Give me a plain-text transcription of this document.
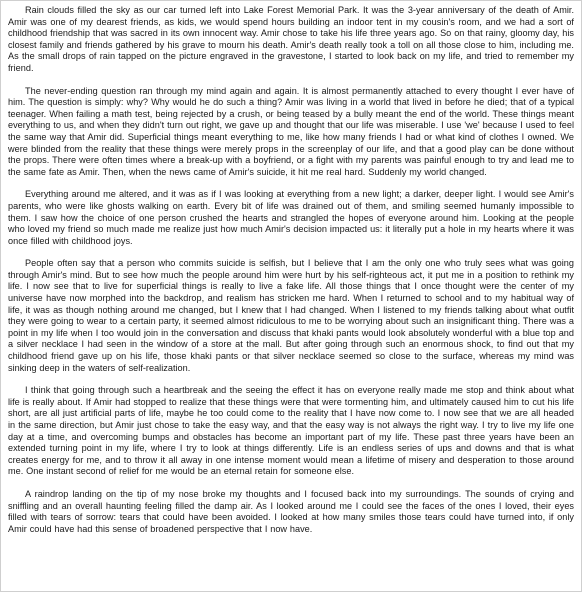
Rain clouds filled the sky as our car turned left into Lake Forest Memorial Park. It was the 3-year anniversary of the death of Amir. Amir was one of my dearest friends, as kids, we would spend hours building an indoor tent in my cousin's room, and we had a sort of childhood friendship that was sacred in its own innocent way. Amir chose to take his life three years ago. So on that rainy, gloomy day, his closest family and friends gathered by his grave to mourn his death. Amir's death really took a toll on all those close to him, including me. As the small drops of rain tapped on the picture engraved in the gravestone, I started to look back on my life, and tried to remember my friend.

The never-ending question ran through my mind again and again. It is almost permanently attached to every thought I ever have of him. The question is simply: why? Why would he do such a thing? Amir was living in a world that lived in before he died; that of a typical teenager. When failing a math test, being rejected by a crush, or being teased by a bully meant the end of the world. These things meant everything to us, and when they didn't turn out right, we gave up and thought that our life was miserable. I use 'we' because I used to feel the same way that Amir did. Superficial things meant everything to me, like how many friends I had or what kind of clothes I owned. We were blinded from the reality that these things were merely props in the screenplay of our life, and that a good play can be done without the props. There were often times where a break-up with a boyfriend, or a fight with my parents was painful enough to try and lead me to the same fate as Amir. Then, when the news came of Amir's suicide, it hit me real hard. Suddenly my world changed.

Everything around me altered, and it was as if I was looking at everything from a new light; a darker, deeper light. I would see Amir's parents, who were like ghosts walking on earth. Every bit of life was drained out of them, and smiling seemed humanly impossible to them. I saw how the choice of one person crushed the hearts and strangled the hopes of everyone around him. Looking at the people who loved my friend so much made me realize just how much Amir's decision impacted us: it literally put a hole in my hearts where it was once filled with childhood joys.

People often say that a person who commits suicide is selfish, but I believe that I am the only one who truly sees what was going through Amir's mind. But to see how much the people around him were hurt by his self-righteous act, it put me in a position to rethink my life. I now see that to live for superficial things is really to live a fake life. All those things that I once thought were the center of my universe have now morphed into the backdrop, and realism has stricken me hard. When I returned to school and to my habitual way of life, it was as though nothing around me changed, but I knew that I had changed. When I listened to my friends talking about what outfit they were going to wear to a certain party, it seemed almost ridiculous to me to be worrying about such an insignificant thing. There was a point in my life when I too would join in the conversation and discuss that khaki pants would look absolutely wonderful with a blue top and a silver necklace I had seen in the window of a store at the mall. But after going through such an enormous shock, to find out that my childhood friend gave up on his life, those khaki pants or that silver necklace seemed so close to the surface, whereas my mind was sinking deep in the waters of self-realization.

I think that going through such a heartbreak and the seeing the effect it has on everyone really made me stop and think about what life is really about. If Amir had stopped to realize that these things were that were tormenting him, and ultimately caused him to cut his life short, are all just artificial parts of life, maybe he too could come to the reality that I have now come to. I now see that we are all headed in the same direction, but Amir just chose to take the easy way, and that the easy way is not always the right way. I try to live my life one day at a time, and overcoming bumps and obstacles has become an important part of my life. These past three years have been an extended turning point in my life, where I try to look at things differently. Life is an endless series of ups and downs and that is what creates energy for me, and to throw it all away in one intense moment would mean a lifetime of misery and desperation to those around me. One instant second of relief for me would be an eternal retain for someone else.

A raindrop landing on the tip of my nose broke my thoughts and I focused back into my surroundings. The sounds of crying and sniffling and an overall haunting feeling filled the damp air. As I looked around me I could see the faces of the ones I loved, their eyes filled with tears of sorrow: tears that could have been avoided. I looked at how many smiles those tears could have turned into, if only Amir could have had this sense of broadened perspective that I now have.
